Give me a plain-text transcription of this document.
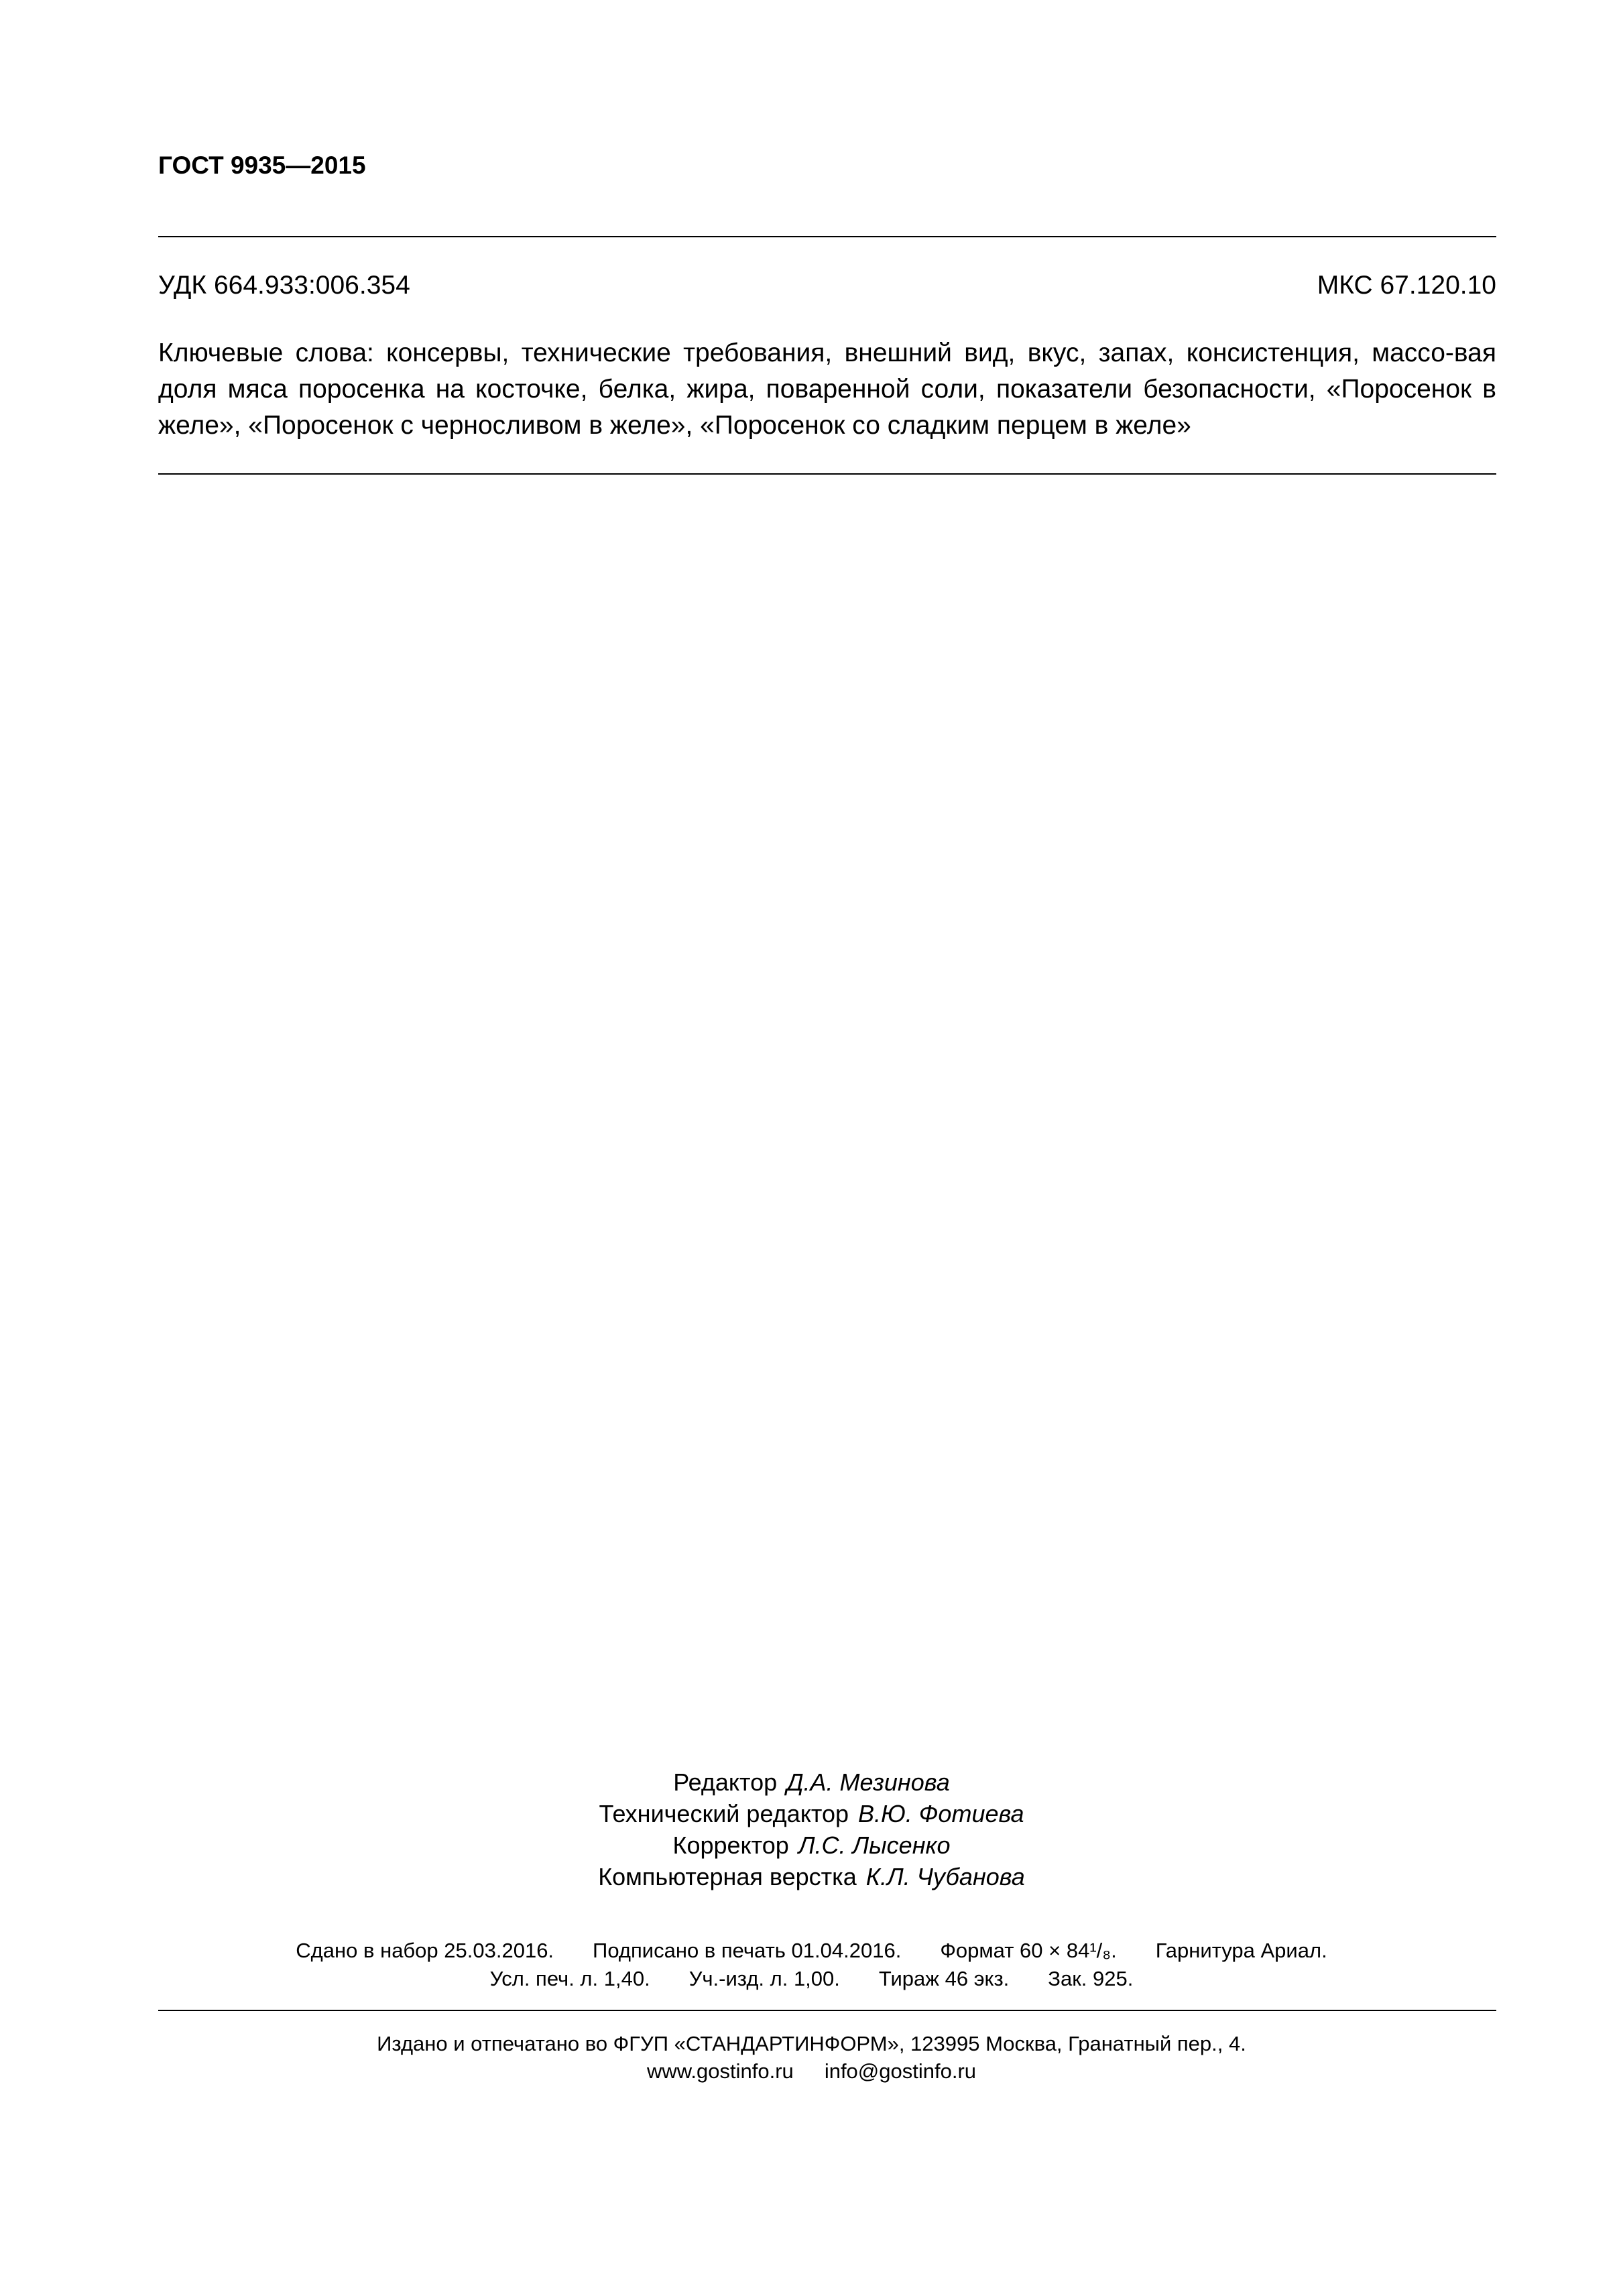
ГОСТ 9935—2015
УДК 664.933:006.354	МКС 67.120.10
Ключевые слова: консервы, технические требования, внешний вид, вкус, запах, консистенция, массо-вая доля мяса поросенка на косточке, белка, жира, поваренной соли, показатели безопасности, «Поросенок в желе», «Поросенок с черносливом в желе», «Поросенок со сладким перцем в желе»
Редактор Д.А. Мезинова
Технический редактор В.Ю. Фотиева
Корректор Л.С. Лысенко
Компьютерная верстка К.Л. Чубанова
Сдано в набор 25.03.2016. Подписано в печать 01.04.2016. Формат 60 × 84¹/₈. Гарнитура Ариал.
Усл. печ. л. 1,40. Уч.-изд. л. 1,00. Тираж 46 экз. Зак. 925.
Издано и отпечатано во ФГУП «СТАНДАРТИНФОРМ», 123995 Москва, Гранатный пер., 4.
www.gostinfo.ru info@gostinfo.ru
